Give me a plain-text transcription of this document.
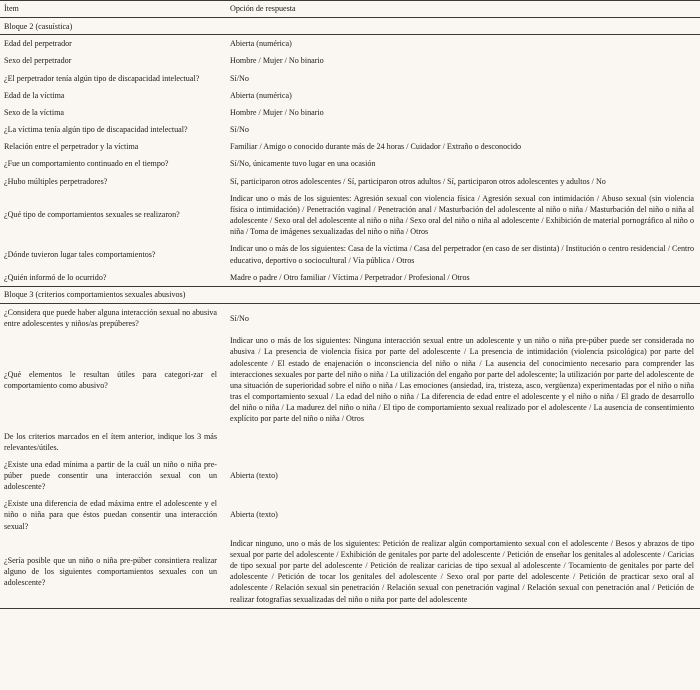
Ítem	Opción de respuesta
Bloque 2 (casuística)	
Edad del perpetrador	Abierta (numérica)
Sexo del perpetrador	Hombre / Mujer / No binario
¿El perpetrador tenía algún tipo de discapacidad intelectual?	Sí/No
Edad de la víctima	Abierta (numérica)
Sexo de la víctima	Hombre / Mujer / No binario
¿La víctima tenía algún tipo de discapacidad intelectual?	Sí/No
Relación entre el perpetrador y la víctima	Familiar / Amigo o conocido durante más de 24 horas / Cuidador / Extraño o desconocido
¿Fue un comportamiento continuado en el tiempo?	Sí/No, únicamente tuvo lugar en una ocasión
¿Hubo múltiples perpetradores?	Sí, participaron otros adolescentes / Sí, participaron otros adultos / Sí, participaron otros adolescentes y adultos / No
¿Qué tipo de comportamientos sexuales se realizaron?	Indicar uno o más de los siguientes: Agresión sexual con violencia física / Agresión sexual con intimidación / Abuso sexual (sin violencia física o intimidación) / Penetración vaginal / Penetración anal / Masturbación del adolescente al niño o niña / Masturbación del niño o niña al adolescente / Sexo oral del adolescente al niño o niña / Sexo oral del niño o niña al adolescente / Exhibición de material pornográfico al niño o niña / Toma de imágenes sexualizadas del niño o niña / Otros
¿Dónde tuvieron lugar tales comportamientos?	Indicar uno o más de los siguientes: Casa de la víctima / Casa del perpetrador (en caso de ser distinta) / Institución o centro residencial / Centro educativo, deportivo o sociocultural / Vía pública / Otros
¿Quién informó de lo ocurrido?	Madre o padre / Otro familiar / Víctima / Perpetrador / Profesional / Otros
Bloque 3 (criterios comportamientos sexuales abusivos)	
¿Considera que puede haber alguna interacción sexual no abusiva entre adolescentes y niños/as prepúberes?	Sí/No
¿Qué elementos le resultan útiles para categori-zar el comportamiento como abusivo?	Indicar uno o más de los siguientes: Ninguna interacción sexual entre un adolescente y un niño o niña pre-púber puede ser considerada no abusiva / La presencia de violencia física por parte del adolescente / La presencia de intimidación (violencia psicológica) por parte del adolescente / El estado de enajenación o inconsciencia del niño o niña / La ausencia del conocimiento necesario para comprender las interacciones sexuales por parte del niño o niña / La utilización del engaño por parte del adolescente; la utilización por parte del adolescente de una situación de superioridad sobre el niño o niña / Las emociones (ansiedad, ira, tristeza, asco, vergüenza) experimentadas por el niño o niña tras el comportamiento sexual / La edad del niño o niña / La diferencia de edad entre el adolescente y el niño o niña / El grado de desarrollo del niño o niña / La madurez del niño o niña / El tipo de comportamiento sexual realizado por el adolescente / La ausencia de consentimiento explícito por parte del niño o niña / Otros
De los criterios marcados en el ítem anterior, indique los 3 más relevantes/útiles.	
¿Existe una edad mínima a partir de la cuál un niño o niña pre-púber puede consentir una interacción sexual con un adolescente?	Abierta (texto)
¿Existe una diferencia de edad máxima entre el adolescente y el niño o niña para que éstos puedan consentir una interacción sexual?	Abierta (texto)
¿Sería posible que un niño o niña pre-púber consintiera realizar alguno de los siguientes comportamientos sexuales con un adolescente?	Indicar ninguno, uno o más de los siguientes: Petición de realizar algún comportamiento sexual con el adolescente / Besos y abrazos de tipo sexual por parte del adolescente / Exhibición de genitales por parte del adolescente / Petición de enseñar los genitales al adolescente / Caricias de tipo sexual por parte del adolescente / Petición de realizar caricias de tipo sexual al adolescente / Tocamiento de genitales por parte del adolescente / Petición de tocar los genitales del adolescente / Sexo oral por parte del adolescente / Petición de practicar sexo oral al adolescente / Relación sexual sin penetración / Relación sexual con penetración vaginal / Relación sexual con penetración anal / Petición de realizar fotografías sexualizadas del niño o niña por parte del adolescente
